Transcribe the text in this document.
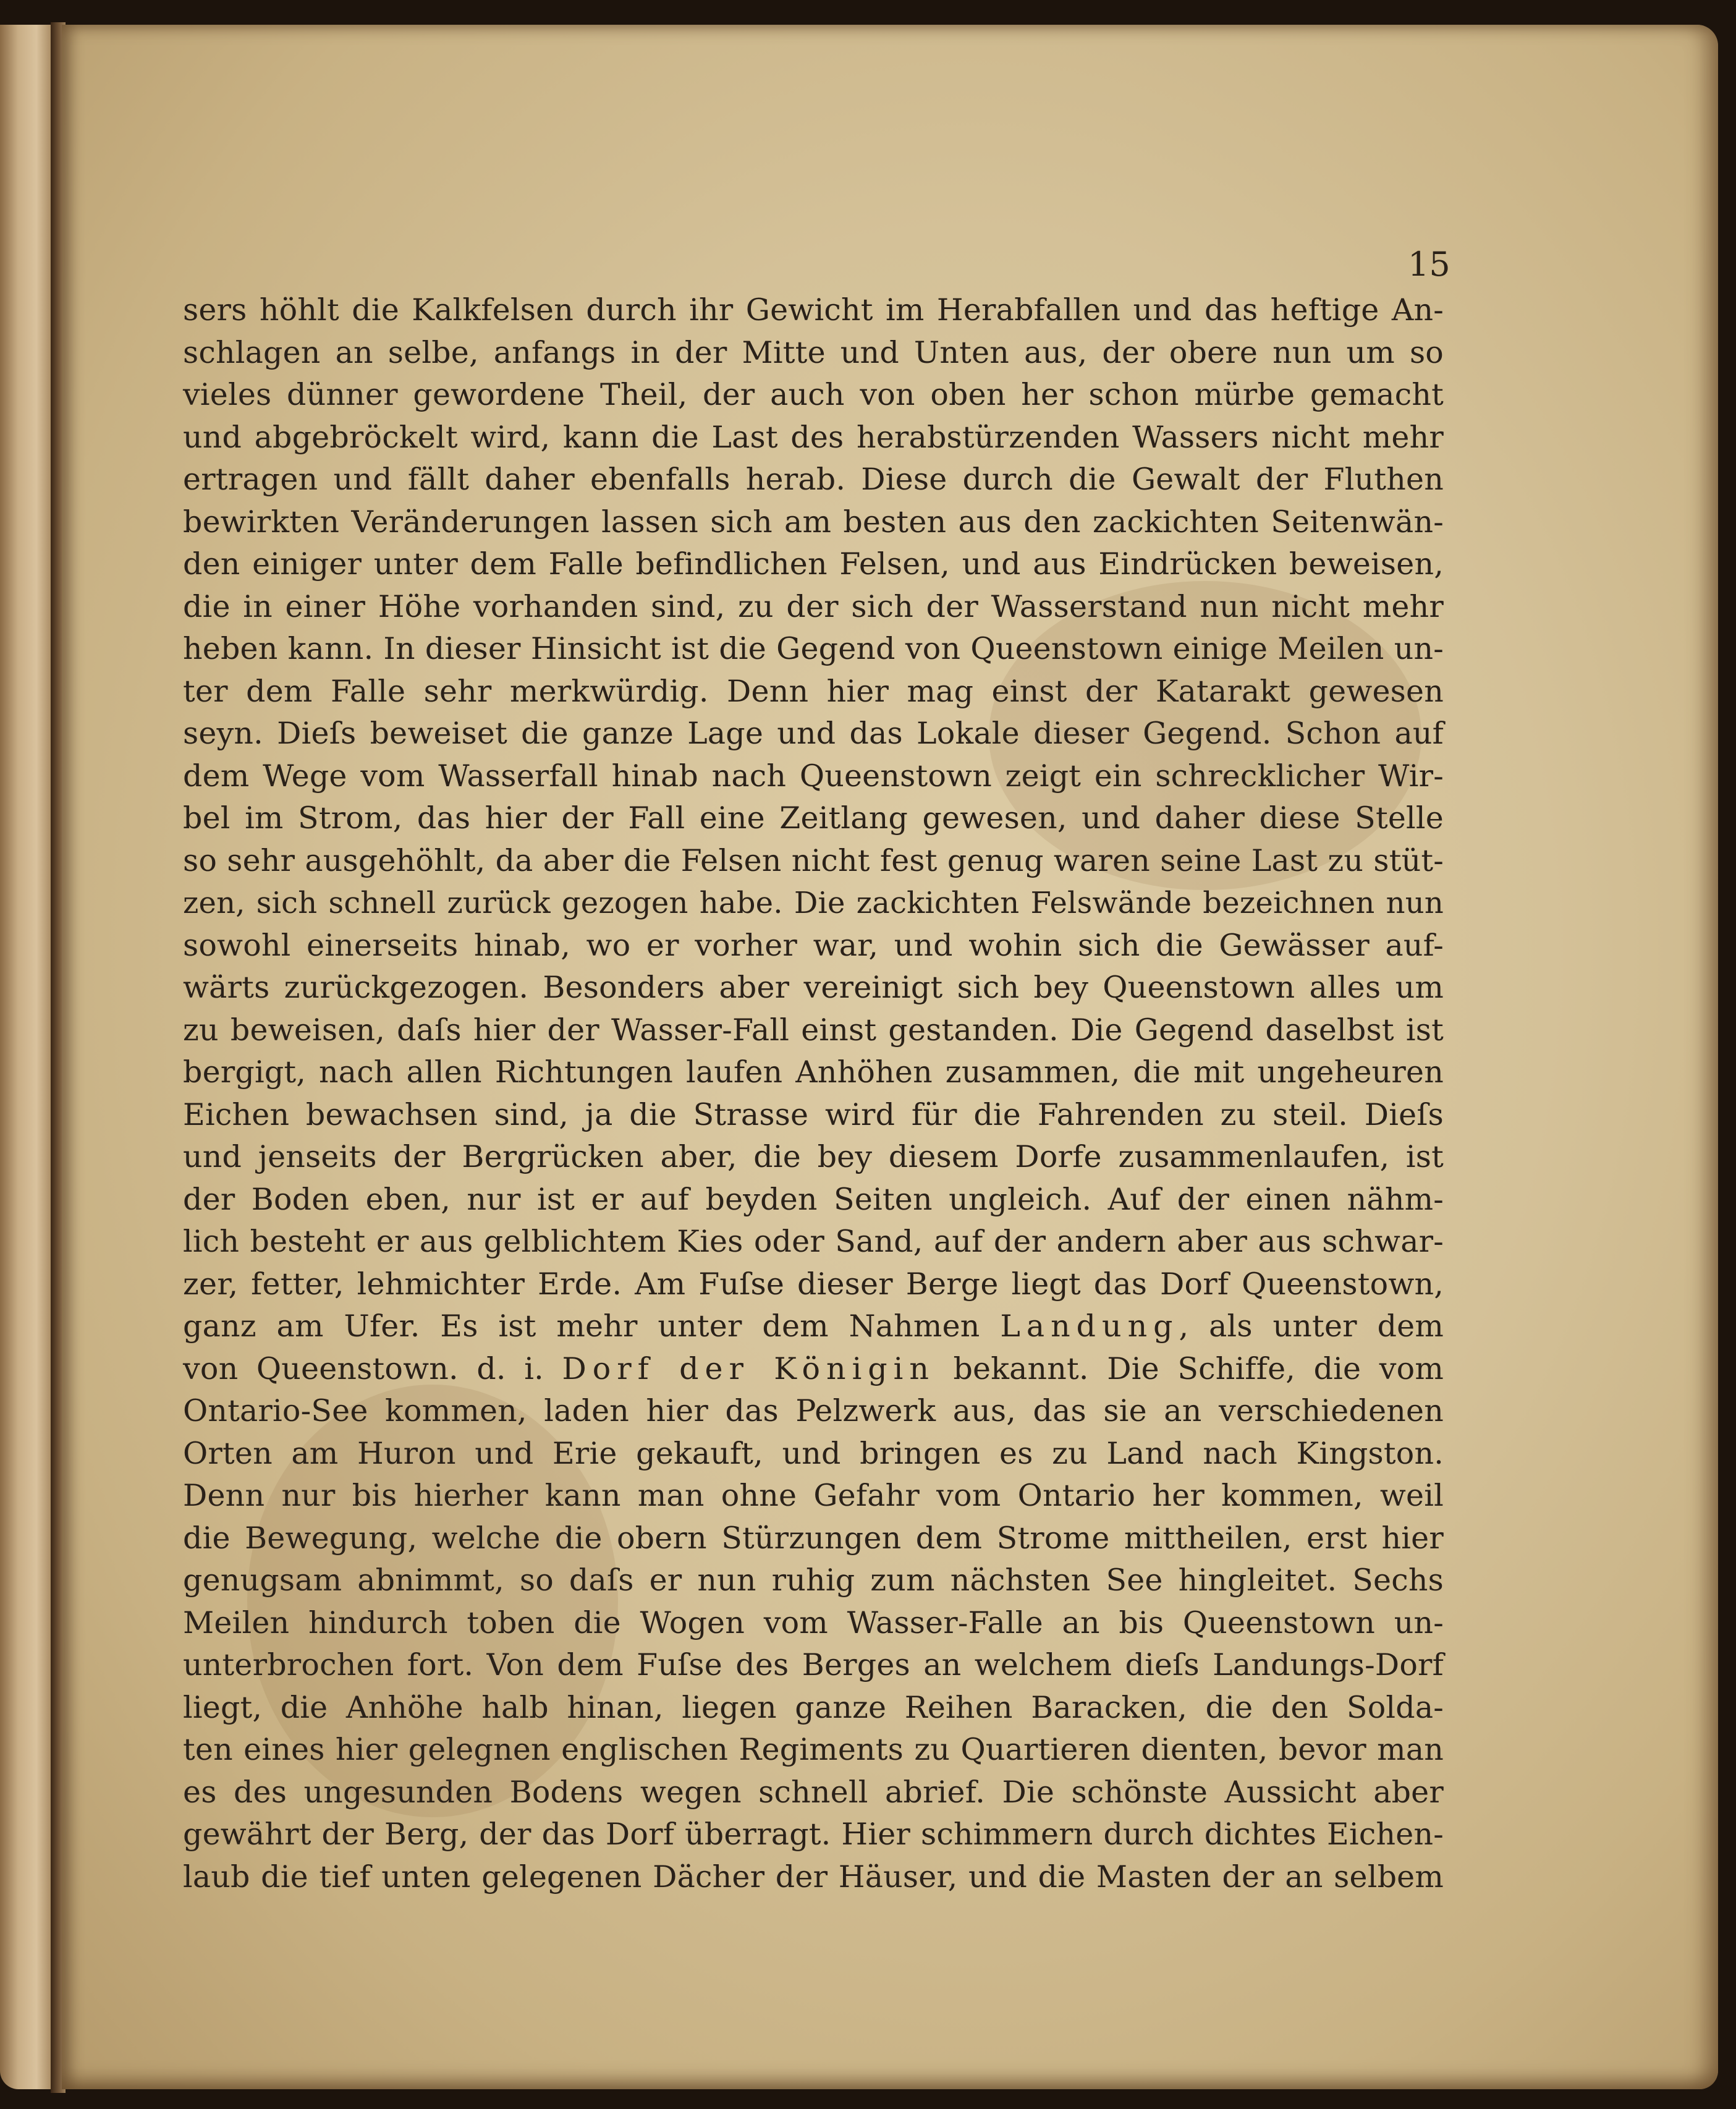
15

sers höhlt die Kalkfelsen durch ihr Gewicht im Herabfallen und das heftige An-
schlagen an selbe, anfangs in der Mitte und Unten aus, der obere nun um so
vieles dünner gewordene Theil, der auch von oben her schon mürbe gemacht
und abgebröckelt wird, kann die Last des herabstürzenden Wassers nicht mehr
ertragen und fällt daher ebenfalls herab. Diese durch die Gewalt der Fluthen
bewirkten Veränderungen lassen sich am besten aus den zackichten Seitenwän-
den einiger unter dem Falle befindlichen Felsen, und aus Eindrücken beweisen,
die in einer Höhe vorhanden sind, zu der sich der Wasserstand nun nicht mehr
heben kann. In dieser Hinsicht ist die Gegend von Queenstown einige Meilen un-
ter dem Falle sehr merkwürdig. Denn hier mag einst der Katarakt gewesen
seyn. Dieſs beweiset die ganze Lage und das Lokale dieser Gegend. Schon auf
dem Wege vom Wasserfall hinab nach Queenstown zeigt ein schrecklicher Wir-
bel im Strom, das hier der Fall eine Zeitlang gewesen, und daher diese Stelle
so sehr ausgehöhlt, da aber die Felsen nicht fest genug waren seine Last zu stüt-
zen, sich schnell zurück gezogen habe. Die zackichten Felswände bezeichnen nun
sowohl einerseits hinab, wo er vorher war, und wohin sich die Gewässer auf-
wärts zurückgezogen. Besonders aber vereinigt sich bey Queenstown alles um
zu beweisen, daſs hier der Wasser-Fall einst gestanden. Die Gegend daselbst ist
bergigt, nach allen Richtungen laufen Anhöhen zusammen, die mit ungeheuren
Eichen bewachsen sind, ja die Strasse wird für die Fahrenden zu steil. Dieſs
und jenseits der Bergrücken aber, die bey diesem Dorfe zusammenlaufen, ist
der Boden eben, nur ist er auf beyden Seiten ungleich. Auf der einen nähm-
lich besteht er aus gelblichtem Kies oder Sand, auf der andern aber aus schwar-
zer, fetter, lehmichter Erde. Am Fuſse dieser Berge liegt das Dorf Queenstown,
ganz am Ufer. Es ist mehr unter dem Nahmen Landung, als unter dem
von Queenstown. d. i. Dorf der Königin bekannt. Die Schiffe, die vom
Ontario-See kommen, laden hier das Pelzwerk aus, das sie an verschiedenen
Orten am Huron und Erie gekauft, und bringen es zu Land nach Kingston.
Denn nur bis hierher kann man ohne Gefahr vom Ontario her kommen, weil
die Bewegung, welche die obern Stürzungen dem Strome mittheilen, erst hier
genugsam abnimmt, so daſs er nun ruhig zum nächsten See hingleitet. Sechs
Meilen hindurch toben die Wogen vom Wasser-Falle an bis Queenstown un-
unterbrochen fort. Von dem Fuſse des Berges an welchem dieſs Landungs-Dorf
liegt, die Anhöhe halb hinan, liegen ganze Reihen Baracken, die den Solda-
ten eines hier gelegnen englischen Regiments zu Quartieren dienten, bevor man
es des ungesunden Bodens wegen schnell abrief. Die schönste Aussicht aber
gewährt der Berg, der das Dorf überragt. Hier schimmern durch dichtes Eichen-
laub die tief unten gelegenen Dächer der Häuser, und die Masten der an selbem
